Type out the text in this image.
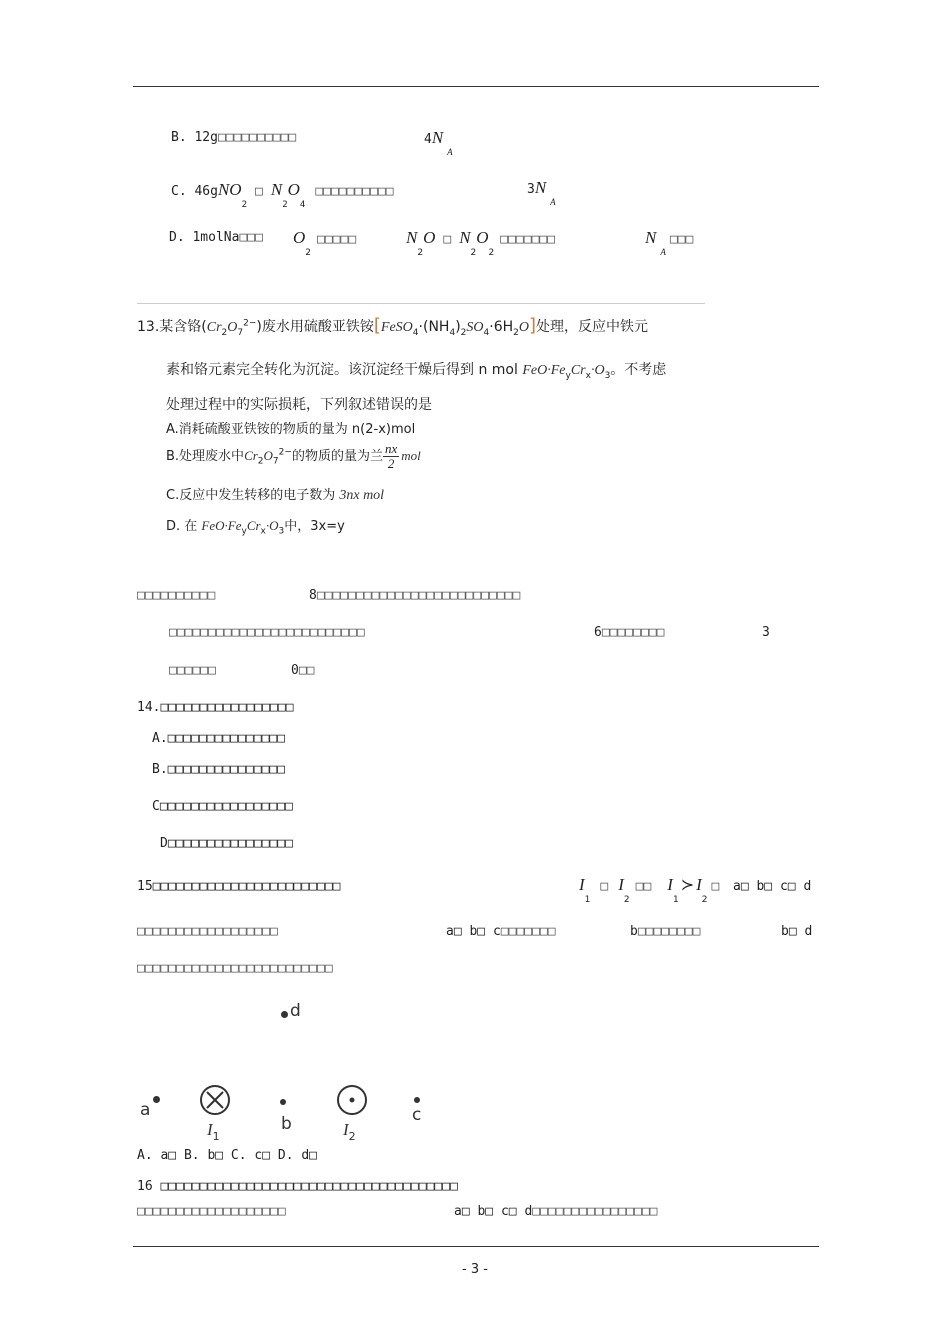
B. 12g□□□□□□□□□□	$4N_A$
C. 46gNO$_2$□ $N_2O_4□□□□□□□□□□$	$3N_A$
D. 1molNa□□□ $O_2□□□□□$	$N_2O$ □ $N_2O_2□□□□□□□$	$N_A□□□$
13.某含铬$(Cr_2O_7^{2-})$废水用硫酸亚铁铵$[FeSO_4\cdot(NH_4)_2SO_4\cdot 6H_2O]$处理，反应中铁元
素和铬元素完全转化为沉淀。该沉淀经干燥后得到 n mol $FeO\cdot Fe_yCr_x\cdot O_3$。不考虑
处理过程中的实际损耗，下列叙述错误的是
A.消耗硫酸亚铁铵的物质的量为 n(2-x)mol
B.处理废水中$Cr_2O_7^{2-}$的物质的量为兰 $\frac{nx}{2}$ mol
C.反应中发生转移的电子数为 3nx mol
D. 在 $FeO\cdot Fe_yCr_x\cdot O_3$中，3x=y
□□□□□□□□□□	8□□□□□□□□□□□□□□□□□□□□□□□□□□
□□□□□□□□□□□□□□□□□□□□□□□□□	6□□□□□□□□	3
□□□□□□	0□□
14.□□□□□□□□□□□□□□□□□
A.□□□□□□□□□□□□□□□
B.□□□□□□□□□□□□□□□
C□□□□□□□□□□□□□□□□□
D□□□□□□□□□□□□□□□□
15□□□□□□□□□□□□□□□□□□□□□□□□	$I_1□$ $I_2□□$ $I_1≻$ $I_2□$ a□ b□ c□ d
□□□□□□□□□□□□□□□□□□	a□ b□ c□□□□□□□	b□□□□□□□□	b□ d
□□□□□□□□□□□□□□□□□□□□□□□□□
d
a
$I_1$
b	$I_2$
c
A. a□ B. b□ C. c□ D. d□
16 □□□□□□□□□□□□□□□□□□□□□□□□□□□□□□□□□□□□□□
□□□□□□□□□□□□□□□□□□□	a□ b□ c□ d□□□□□□□□□□□□□□□□
- 3 -
